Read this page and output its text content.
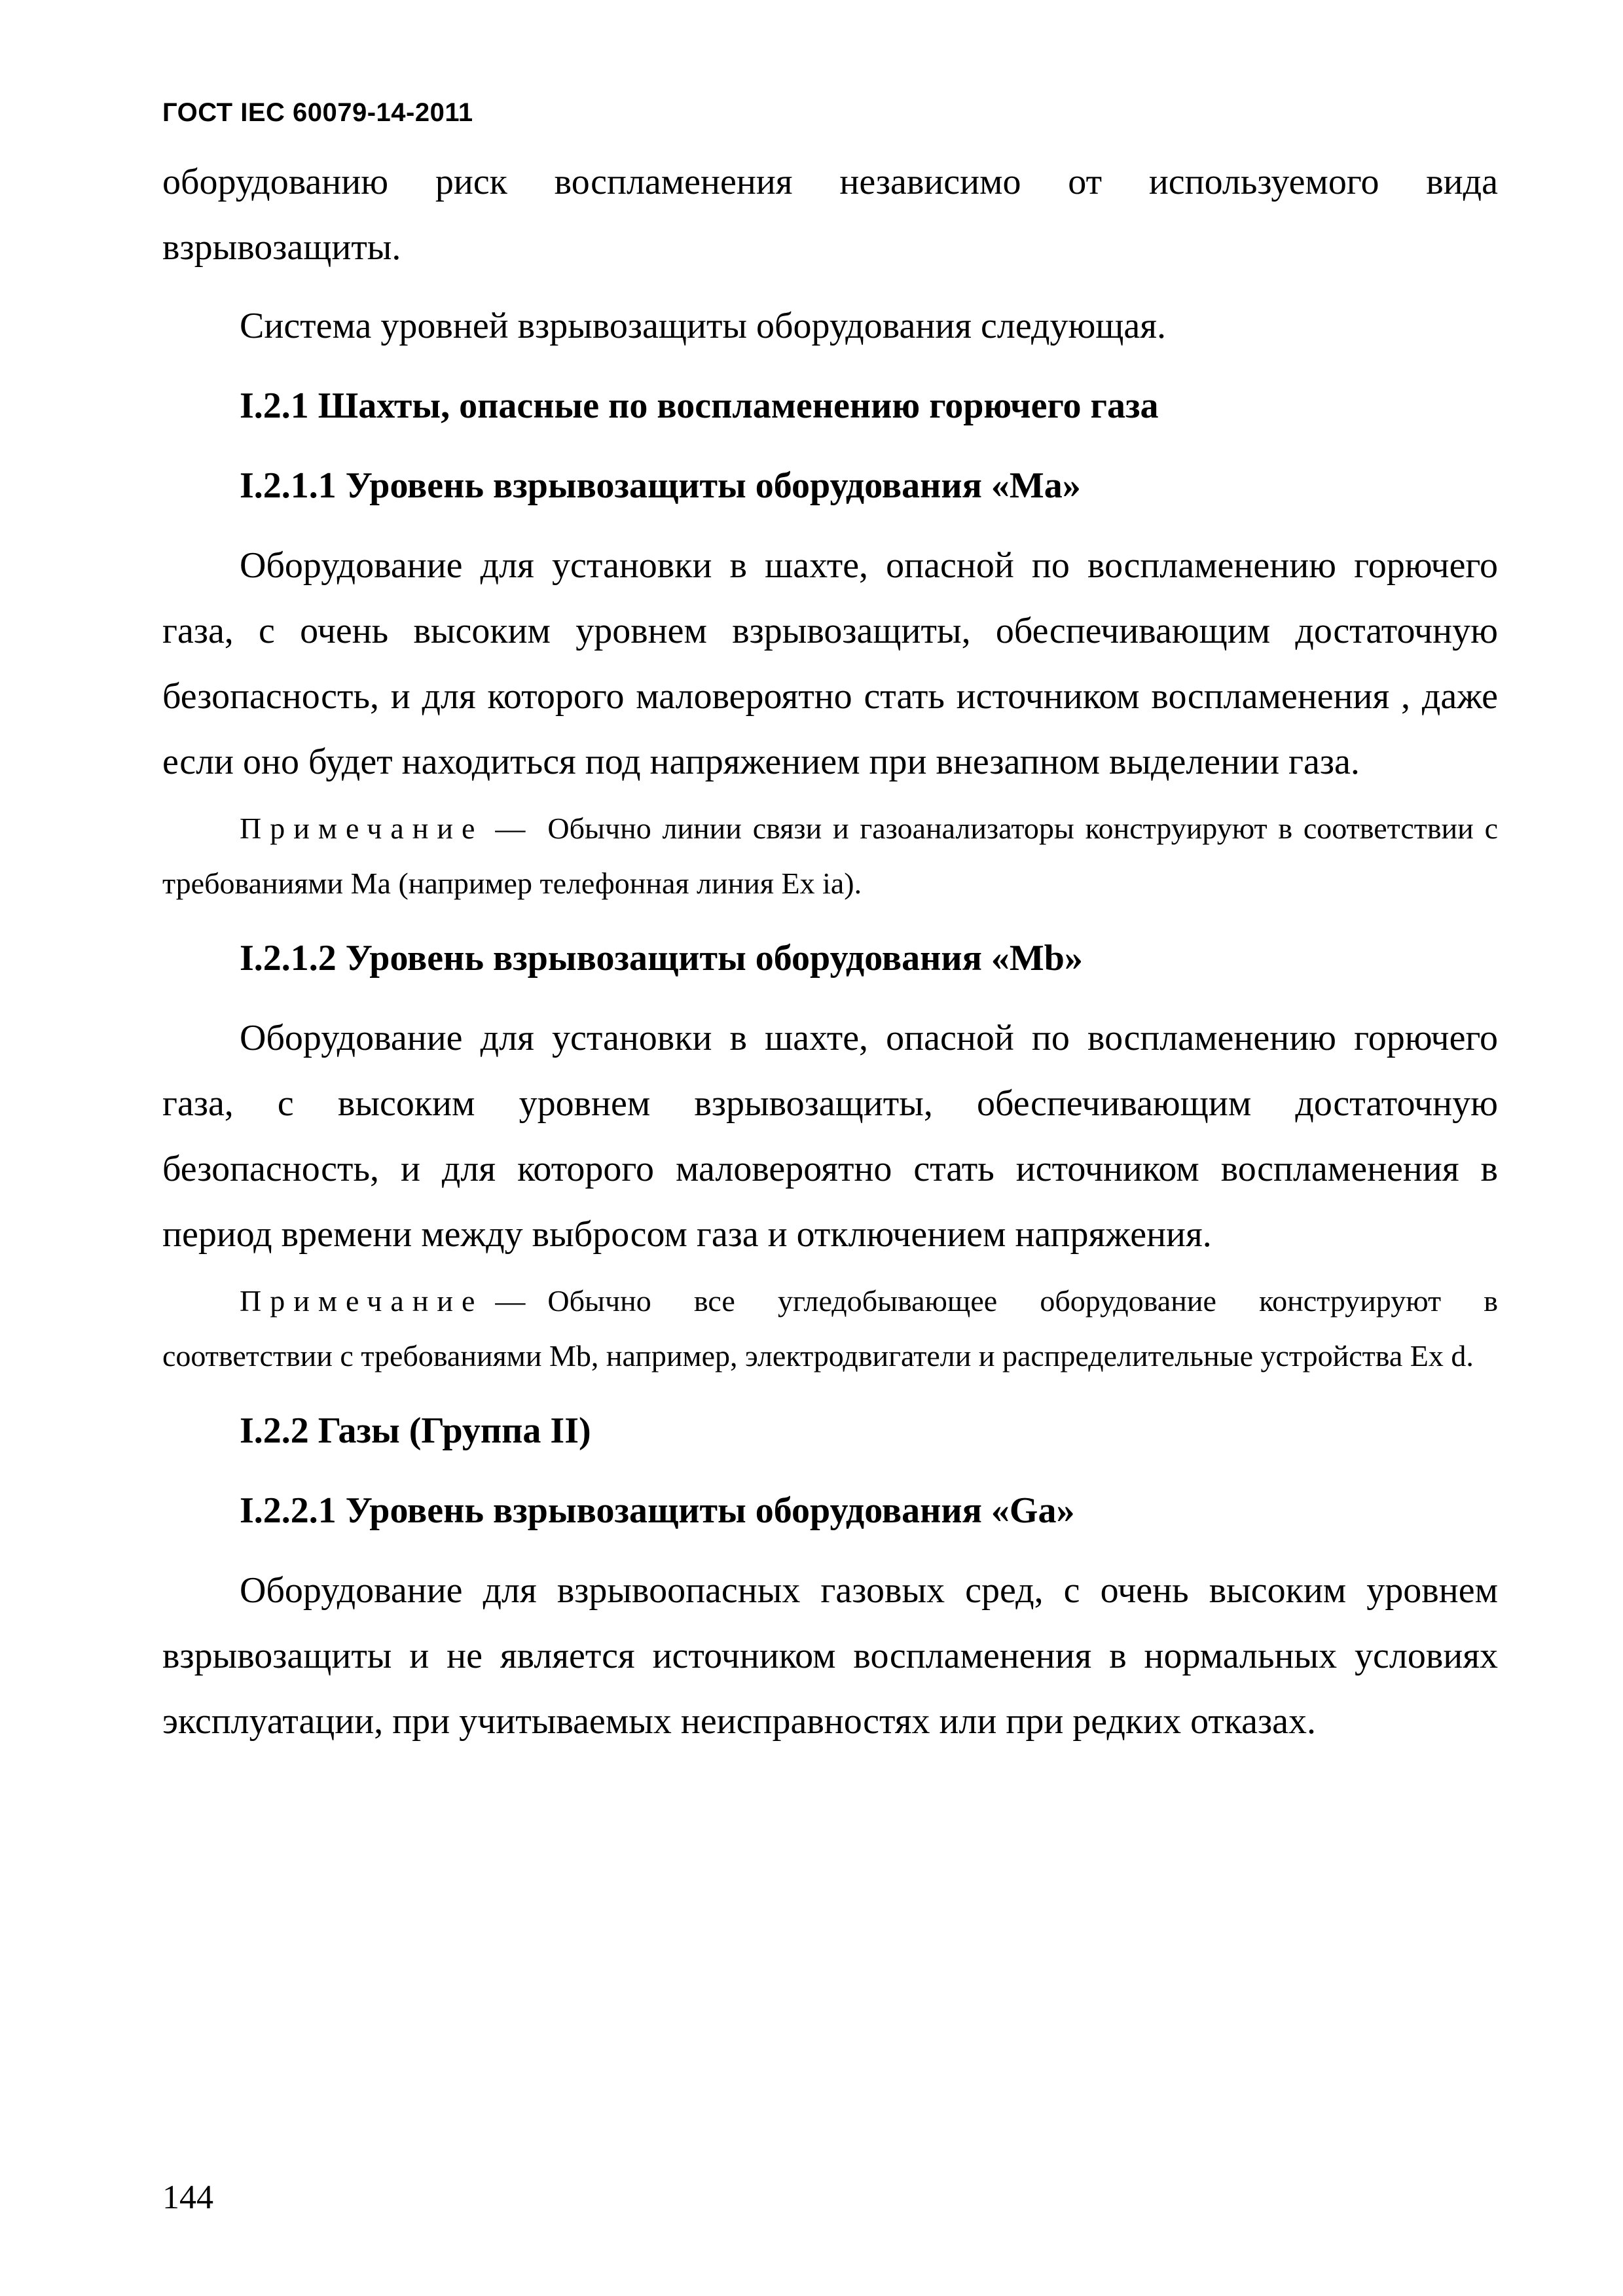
ГОСТ IEC 60079-14-2011

оборудованию риск воспламенения независимо от используемого вида взрывозащиты.

Система уровней взрывозащиты оборудования следующая.

I.2.1 Шахты, опасные по воспламенению горючего газа
I.2.1.1 Уровень взрывозащиты оборудования «Ma»

Оборудование для установки в шахте, опасной по воспламенению горючего газа, с очень высоким уровнем взрывозащиты, обеспечивающим достаточную безопасность, и для которого маловероятно стать источником воспламенения , даже если оно будет находиться под напряжением при внезапном выделении газа.

Примечание — Обычно линии связи и газоанализаторы конструируют в соответствии с требованиями Ma (например телефонная линия Ex ia).

I.2.1.2 Уровень взрывозащиты оборудования «Mb»

Оборудование для установки в шахте, опасной по воспламенению горючего газа, с высоким уровнем взрывозащиты, обеспечивающим достаточную безопасность, и для которого маловероятно стать источником воспламенения в период времени между выбросом газа и отключением напряжения.

Примечание — Обычно все угледобывающее оборудование конструируют в соответствии с требованиями Mb, например, электродвигатели и распределительные устройства Ex d.

I.2.2 Газы (Группа II)
I.2.2.1 Уровень взрывозащиты оборудования «Ga»

Оборудование для взрывоопасных газовых сред, с очень высоким уровнем взрывозащиты и не является источником воспламенения в нормальных условиях эксплуатации, при учитываемых неисправностях или при редких отказах.

144
